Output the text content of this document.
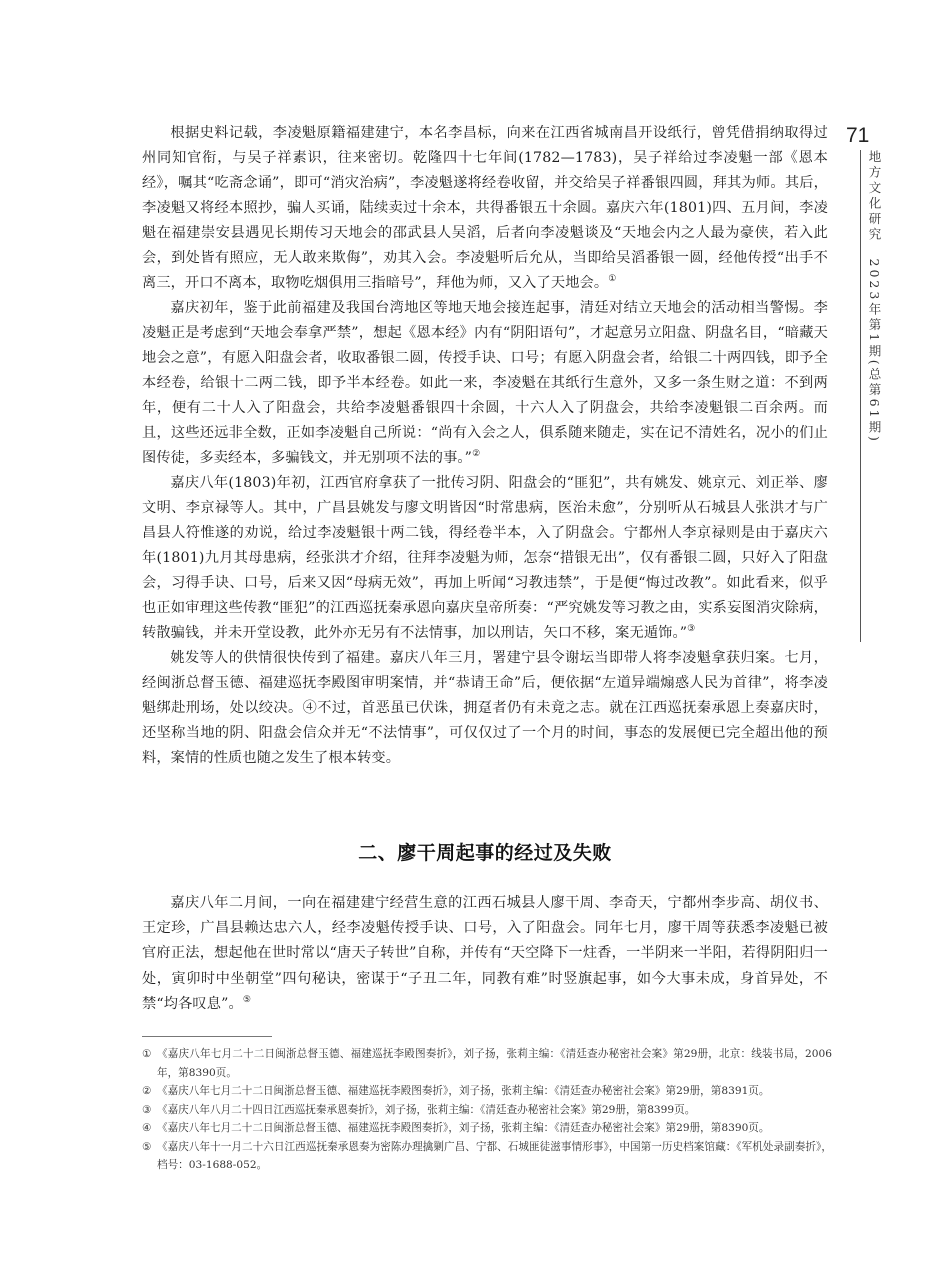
71
地方文化研究　2023年第1期(总第61期)

根据史料记载，李凌魁原籍福建建宁，本名李昌标，向来在江西省城南昌开设纸行，曾凭借捐纳取得过州同知官衔，与吴子祥素识，往来密切。乾隆四十七年间(1782—1783)，吴子祥给过李凌魁一部《恩本经》，嘱其“吃斋念诵”，即可“消灾治病”，李凌魁遂将经卷收留，并交给吴子祥番银四圆，拜其为师。其后，李凌魁又将经本照抄，骗人买诵，陆续卖过十余本，共得番银五十余圆。嘉庆六年(1801)四、五月间，李凌魁在福建崇安县遇见长期传习天地会的邵武县人吴滔，后者向李凌魁谈及“天地会内之人最为豪侠，若入此会，到处皆有照应，无人敢来欺侮”，劝其入会。李凌魁听后允从，当即给吴滔番银一圆，经他传授“出手不离三，开口不离本，取物吃烟俱用三指暗号”，拜他为师，又入了天地会。①

嘉庆初年，鉴于此前福建及我国台湾地区等地天地会接连起事，清廷对结立天地会的活动相当警惕。李凌魁正是考虑到“天地会奉拿严禁”，想起《恩本经》内有“阴阳语句”，才起意另立阳盘、阴盘名目，“暗藏天地会之意”，有愿入阳盘会者，收取番银二圆，传授手诀、口号；有愿入阴盘会者，给银二十两四钱，即予全本经卷，给银十二两二钱，即予半本经卷。如此一来，李凌魁在其纸行生意外，又多一条生财之道：不到两年，便有二十人入了阳盘会，共给李凌魁番银四十余圆，十六人入了阴盘会，共给李凌魁银二百余两。而且，这些还远非全数，正如李凌魁自己所说：“尚有入会之人，俱系随来随走，实在记不清姓名，况小的们止图传徒，多卖经本，多骗钱文，并无别项不法的事。”②

嘉庆八年(1803)年初，江西官府拿获了一批传习阴、阳盘会的“匪犯”，共有姚发、姚京元、刘正举、廖文明、李京禄等人。其中，广昌县姚发与廖文明皆因“时常患病，医治未愈”，分别听从石城县人张洪才与广昌县人符惟遂的劝说，给过李凌魁银十两二钱，得经卷半本，入了阴盘会。宁都州人李京禄则是由于嘉庆六年(1801)九月其母患病，经张洪才介绍，往拜李凌魁为师，怎奈“措银无出”，仅有番银二圆，只好入了阳盘会，习得手诀、口号，后来又因“母病无效”，再加上听闻“习教违禁”，于是便“悔过改教”。如此看来，似乎也正如审理这些传教“匪犯”的江西巡抚秦承恩向嘉庆皇帝所奏：“严究姚发等习教之由，实系妄图消灾除病，转散骗钱，并未开堂设教，此外亦无另有不法情事，加以刑诘，矢口不移，案无遁饰。”③

姚发等人的供情很快传到了福建。嘉庆八年三月，署建宁县令谢坛当即带人将李凌魁拿获归案。七月，经闽浙总督玉德、福建巡抚李殿图审明案情，并“恭请王命”后，便依据“左道异端煽惑人民为首律”，将李凌魁绑赴刑场，处以绞决。④不过，首恶虽已伏诛，拥趸者仍有未竟之志。就在江西巡抚秦承恩上奏嘉庆时，还坚称当地的阴、阳盘会信众并无“不法情事”，可仅仅过了一个月的时间，事态的发展便已完全超出他的预料，案情的性质也随之发生了根本转变。

二、廖干周起事的经过及失败

嘉庆八年二月间，一向在福建建宁经营生意的江西石城县人廖干周、李奇天，宁都州李步高、胡仪书、王定珍，广昌县赖达忠六人，经李凌魁传授手诀、口号，入了阳盘会。同年七月，廖干周等获悉李凌魁已被官府正法，想起他在世时常以“唐天子转世”自称，并传有“天空降下一炷香，一半阴来一半阳，若得阴阳归一处，寅卯时中坐朝堂”四句秘诀，密谋于“子丑二年，同教有难”时竖旗起事，如今大事未成，身首异处，不禁“均各叹息”。⑤

① 《嘉庆八年七月二十二日闽浙总督玉德、福建巡抚李殿图奏折》，刘子扬，张莉主编：《清廷查办秘密社会案》第29册，北京：线装书局，2006年，第8390页。
② 《嘉庆八年七月二十二日闽浙总督玉德、福建巡抚李殿图奏折》，刘子扬，张莉主编：《清廷查办秘密社会案》第29册，第8391页。
③ 《嘉庆八年八月二十四日江西巡抚秦承恩奏折》，刘子扬，张莉主编：《清廷查办秘密社会案》第29册，第8399页。
④ 《嘉庆八年七月二十二日闽浙总督玉德、福建巡抚李殿图奏折》，刘子扬，张莉主编：《清廷查办秘密社会案》第29册，第8390页。
⑤ 《嘉庆八年十一月二十六日江西巡抚秦承恩奏为密陈办理擒剿广昌、宁都、石城匪徒滋事情形事》，中国第一历史档案馆藏：《军机处录副奏折》，档号：03-1688-052。
